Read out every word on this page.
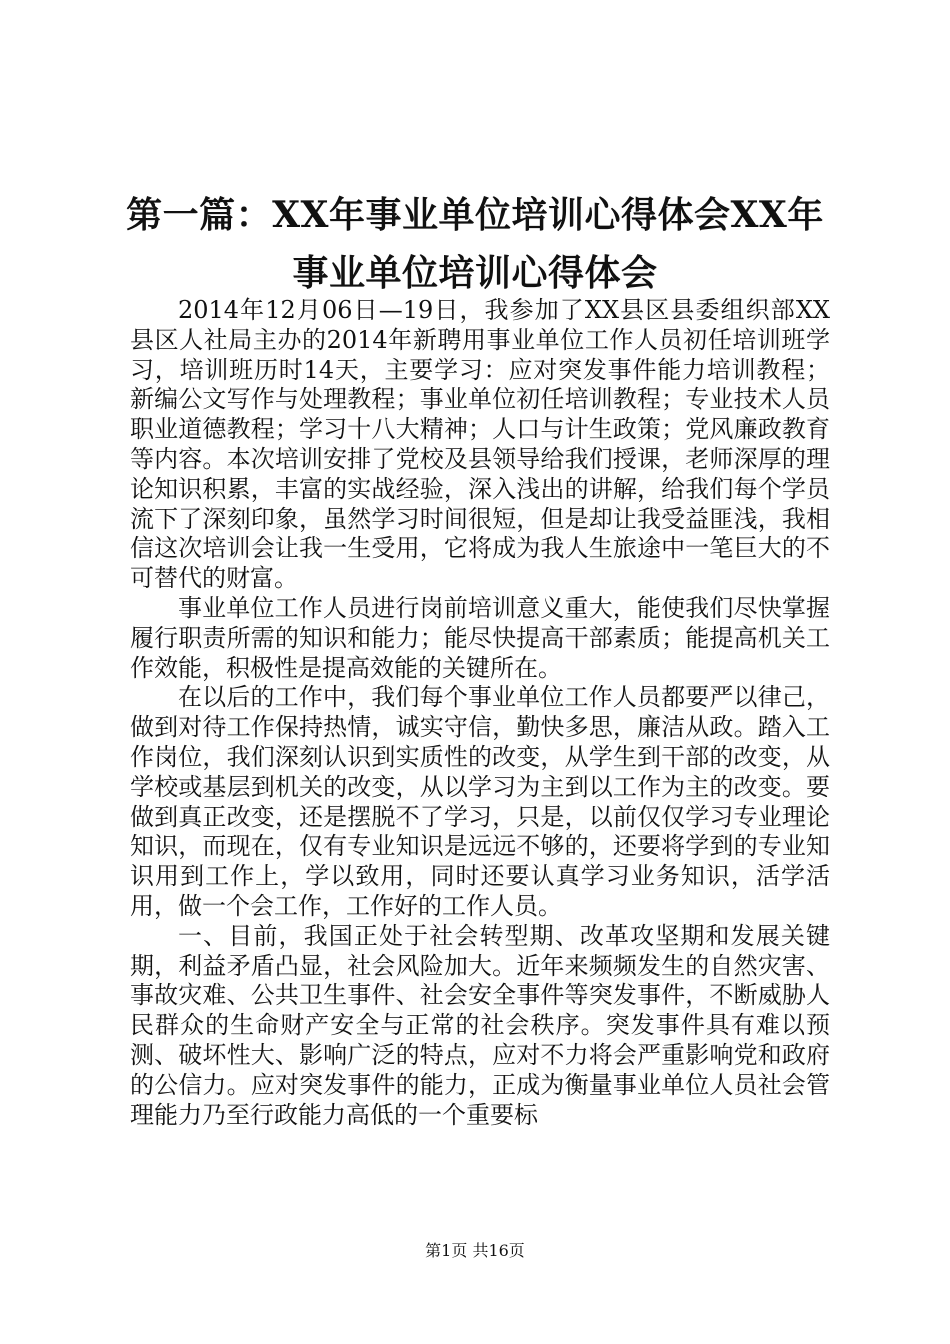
第一篇：XX年事业单位培训心得体会XX年事业单位培训心得体会

2014年12月06日—19日，我参加了XX县区县委组织部XX县区人社局主办的2014年新聘用事业单位工作人员初任培训班学习，培训班历时14天，主要学习：应对突发事件能力培训教程；新编公文写作与处理教程；事业单位初任培训教程；专业技术人员职业道德教程；学习十八大精神；人口与计生政策；党风廉政教育等内容。本次培训安排了党校及县领导给我们授课，老师深厚的理论知识积累，丰富的实战经验，深入浅出的讲解，给我们每个学员流下了深刻印象，虽然学习时间很短，但是却让我受益匪浅，我相信这次培训会让我一生受用，它将成为我人生旅途中一笔巨大的不可替代的财富。

事业单位工作人员进行岗前培训意义重大，能使我们尽快掌握履行职责所需的知识和能力；能尽快提高干部素质；能提高机关工作效能，积极性是提高效能的关键所在。

在以后的工作中，我们每个事业单位工作人员都要严以律己，做到对待工作保持热情，诚实守信，勤快多思，廉洁从政。踏入工作岗位，我们深刻认识到实质性的改变，从学生到干部的改变，从学校或基层到机关的改变，从以学习为主到以工作为主的改变。要做到真正改变，还是摆脱不了学习，只是，以前仅仅学习专业理论知识，而现在，仅有专业知识是远远不够的，还要将学到的专业知识用到工作上，学以致用，同时还要认真学习业务知识，活学活用，做一个会工作，工作好的工作人员。

一、目前，我国正处于社会转型期、改革攻坚期和发展关键期，利益矛盾凸显，社会风险加大。近年来频频发生的自然灾害、事故灾难、公共卫生事件、社会安全事件等突发事件，不断威胁人民群众的生命财产安全与正常的社会秩序。突发事件具有难以预测、破坏性大、影响广泛的特点，应对不力将会严重影响党和政府的公信力。应对突发事件的能力，正成为衡量事业单位人员社会管理能力乃至行政能力高低的一个重要标

第1页 共16页
